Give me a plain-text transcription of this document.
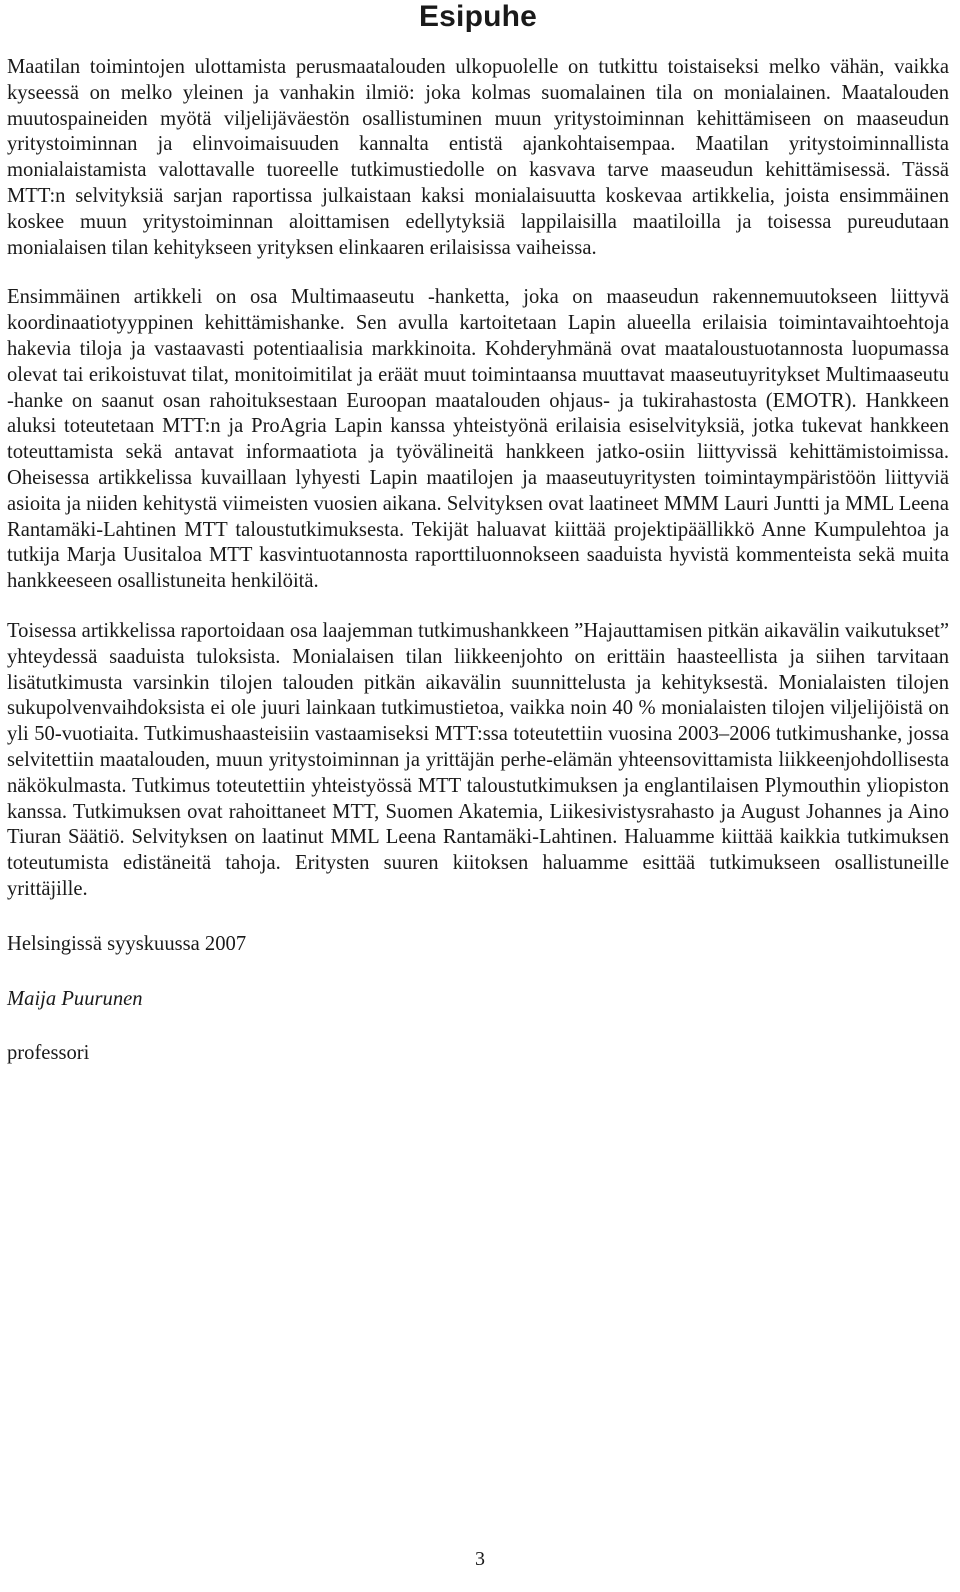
Esipuhe

Maatilan toimintojen ulottamista perusmaatalouden ulkopuolelle on tutkittu toistaiseksi melko vähän, vaikka kyseessä on melko yleinen ja vanhakin ilmiö: joka kolmas suomalainen tila on monialainen. Maatalouden muutospaineiden myötä viljelijäväestön osallistuminen muun yritystoiminnan kehittämiseen on maaseudun yritystoiminnan ja elinvoimaisuuden kannalta entistä ajankohtaisempaa. Maatilan yritystoiminnallista monialaistamista valottavalle tuoreelle tutkimustiedolle on kasvava tarve maaseudun kehittämisessä. Tässä MTT:n selvityksiä sarjan raportissa julkaistaan kaksi monialaisuutta koskevaa artikkelia, joista ensimmäinen koskee muun yritystoiminnan aloittamisen edellytyksiä lappilaisilla maatiloilla ja toisessa pureudutaan monialaisen tilan kehitykseen yrityksen elinkaaren erilaisissa vaiheissa.

Ensimmäinen artikkeli on osa Multimaaseutu -hanketta, joka on maaseudun rakennemuutokseen liittyvä koordinaatiotyyppinen kehittämishanke. Sen avulla kartoitetaan Lapin alueella erilaisia toimintavaihtoehtoja hakevia tiloja ja vastaavasti potentiaalisia markkinoita. Kohderyhmänä ovat maataloustuotannosta luopumassa olevat tai erikoistuvat tilat, monitoimitilat ja eräät muut toimintaansa muuttavat maaseutuyritykset Multimaaseutu -hanke on saanut osan rahoituksestaan Euroopan maatalouden ohjaus- ja tukirahastosta (EMOTR). Hankkeen aluksi toteutetaan MTT:n ja ProAgria Lapin kanssa yhteistyönä erilaisia esiselvityksiä, jotka tukevat hankkeen toteuttamista sekä antavat informaatiota ja työvälineitä hankkeen jatko-osiin liittyvissä kehittämistoimissa. Oheisessa artikkelissa kuvaillaan lyhyesti Lapin maatilojen ja maaseutuyritysten toimintaympäristöön liittyviä asioita ja niiden kehitystä viimeisten vuosien aikana. Selvityksen ovat laatineet MMM Lauri Juntti ja MML Leena Rantamäki-Lahtinen MTT taloustutkimuksesta. Tekijät haluavat kiittää projektipäällikkö Anne Kumpulehtoa ja tutkija Marja Uusitaloa MTT kasvintuotannosta raporttiluonnokseen saaduista hyvistä kommenteista sekä muita hankkeeseen osallistuneita henkilöitä.

Toisessa artikkelissa raportoidaan osa laajemman tutkimushankkeen ”Hajauttamisen pitkän aikavälin vaikutukset” yhteydessä saaduista tuloksista. Monialaisen tilan liikkeenjohto on erittäin haasteellista ja siihen tarvitaan lisätutkimusta varsinkin tilojen talouden pitkän aikavälin suunnittelusta ja kehityksestä. Monialaisten tilojen sukupolvenvaihdoksista ei ole juuri lainkaan tutkimustietoa, vaikka noin 40 % monialaisten tilojen viljelijöistä on yli 50-vuotiaita. Tutkimushaasteisiin vastaamiseksi MTT:ssa toteutettiin vuosina 2003–2006 tutkimushanke, jossa selvitettiin maatalouden, muun yritystoiminnan ja yrittäjän perhe-elämän yhteensovittamista liikkeenjohdollisesta näkökulmasta. Tutkimus toteutettiin yhteistyössä MTT taloustutkimuksen ja englantilaisen Plymouthin yliopiston kanssa. Tutkimuksen ovat rahoittaneet MTT, Suomen Akatemia, Liikesivistysrahasto ja August Johannes ja Aino Tiuran Säätiö. Selvityksen on laatinut MML Leena Rantamäki-Lahtinen. Haluamme kiittää kaikkia tutkimuksen toteutumista edistäneitä tahoja. Eritysten suuren kiitoksen haluamme esittää tutkimukseen osallistuneille yrittäjille.

Helsingissä syyskuussa 2007

Maija Puurunen

professori

3
